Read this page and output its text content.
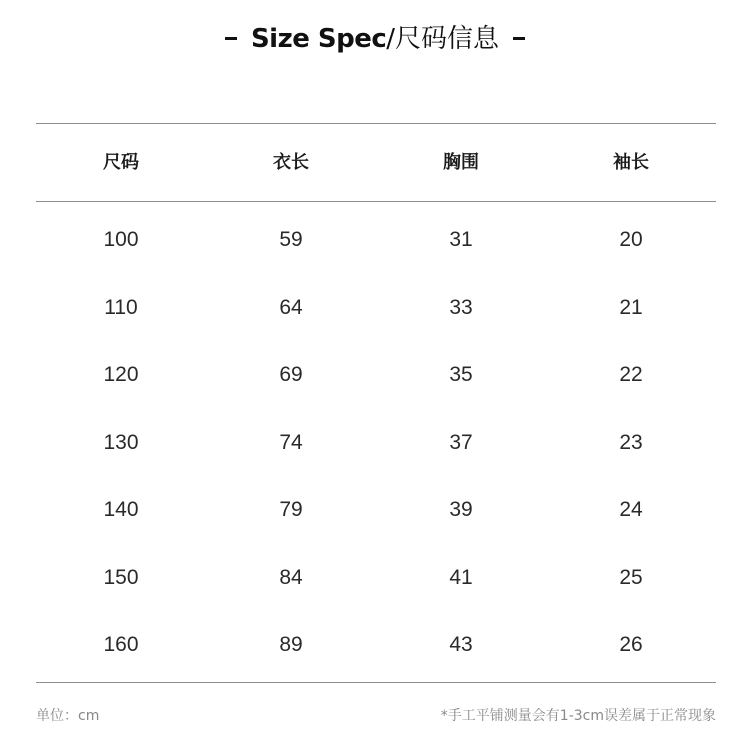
Size Spec/尺码信息
尺码	衣长	胸围	袖长
100	59	31	20
110	64	33	21
120	69	35	22
130	74	37	23
140	79	39	24
150	84	41	25
160	89	43	26
单位：cm	*手工平铺测量会有1-3cm误差属于正常现象
